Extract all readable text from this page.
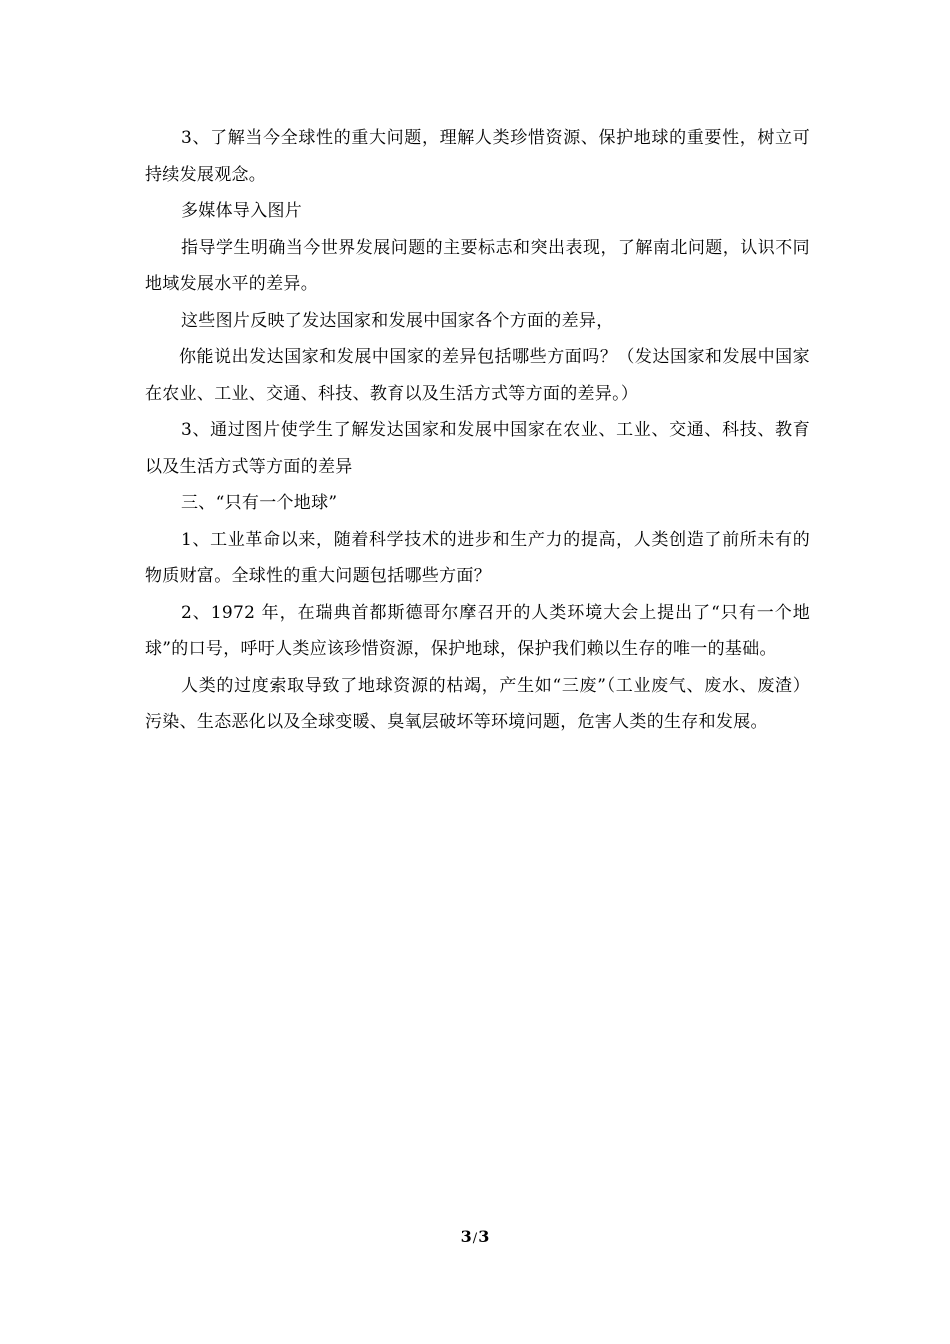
3、了解当今全球性的重大问题，理解人类珍惜资源、保护地球的重要性，树立可持续发展观念。

多媒体导入图片

指导学生明确当今世界发展问题的主要标志和突出表现，了解南北问题，认识不同地域发展水平的差异。

这些图片反映了发达国家和发展中国家各个方面的差异，

你能说出发达国家和发展中国家的差异包括哪些方面吗？（发达国家和发展中国家在农业、工业、交通、科技、教育以及生活方式等方面的差异。）

3、通过图片使学生了解发达国家和发展中国家在农业、工业、交通、科技、教育以及生活方式等方面的差异

三、“只有一个地球”

1、工业革命以来，随着科学技术的进步和生产力的提高，人类创造了前所未有的物质财富。全球性的重大问题包括哪些方面？

2、1972 年，在瑞典首都斯德哥尔摩召开的人类环境大会上提出了“只有一个地球”的口号，呼吁人类应该珍惜资源，保护地球，保护我们赖以生存的唯一的基础。

人类的过度索取导致了地球资源的枯竭，产生如“三废”（工业废气、废水、废渣）污染、生态恶化以及全球变暖、臭氧层破坏等环境问题，危害人类的生存和发展。

3/3
